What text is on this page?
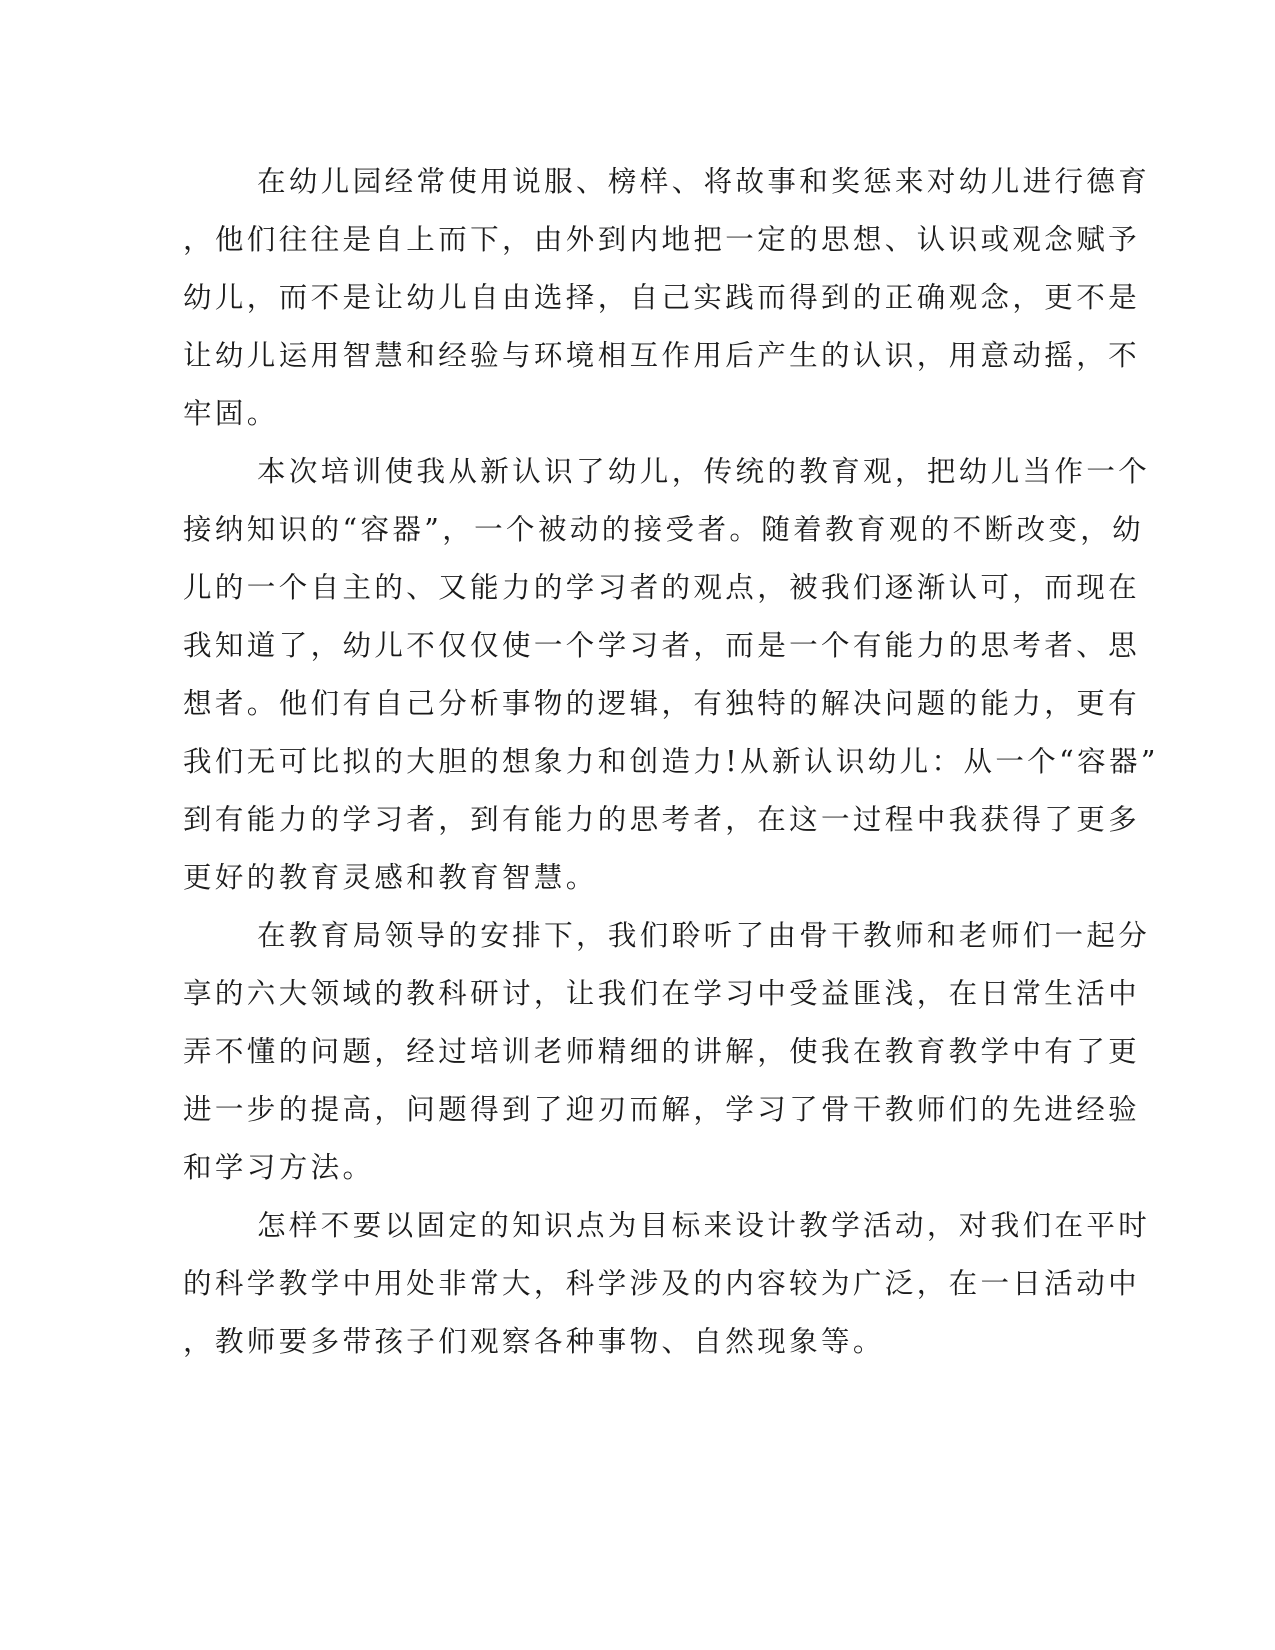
在幼儿园经常使用说服、榜样、将故事和奖惩来对幼儿进行德育
，他们往往是自上而下，由外到内地把一定的思想、认识或观念赋予
幼儿，而不是让幼儿自由选择，自己实践而得到的正确观念，更不是
让幼儿运用智慧和经验与环境相互作用后产生的认识，用意动摇，不
牢固。
本次培训使我从新认识了幼儿，传统的教育观，把幼儿当作一个
接纳知识的“容器”，一个被动的接受者。随着教育观的不断改变，幼
儿的一个自主的、又能力的学习者的观点，被我们逐渐认可，而现在
我知道了，幼儿不仅仅使一个学习者，而是一个有能力的思考者、思
想者。他们有自己分析事物的逻辑，有独特的解决问题的能力，更有
我们无可比拟的大胆的想象力和创造力!从新认识幼儿：从一个“容器”
到有能力的学习者，到有能力的思考者，在这一过程中我获得了更多
更好的教育灵感和教育智慧。
在教育局领导的安排下，我们聆听了由骨干教师和老师们一起分
享的六大领域的教科研讨，让我们在学习中受益匪浅，在日常生活中
弄不懂的问题，经过培训老师精细的讲解，使我在教育教学中有了更
进一步的提高，问题得到了迎刃而解，学习了骨干教师们的先进经验
和学习方法。
怎样不要以固定的知识点为目标来设计教学活动，对我们在平时
的科学教学中用处非常大，科学涉及的内容较为广泛，在一日活动中
，教师要多带孩子们观察各种事物、自然现象等。
